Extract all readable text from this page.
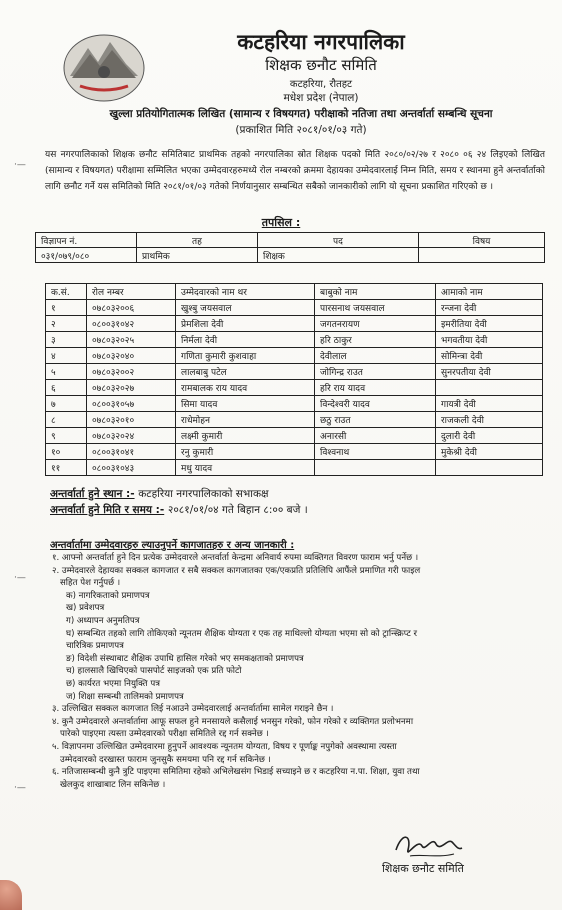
कटहरिया नगरपालिका
शिक्षक छनौट समिति
कटहरिया, रौतहट
मधेश प्रदेश (नेपाल)
खुल्ला प्रतियोगितात्मक लिखित (सामान्य र विषयगत) परीक्षाको नतिजा तथा अन्तर्वार्ता सम्बन्धि सूचना
(प्रकाशित मिति २०८१/०१/०३ गते)
·—
·—
·—
यस नगरपालिकाको शिक्षक छनौट समितिबाट प्राथमिक तहको नगरपालिका स्रोत शिक्षक पदको मिति २०८०/०२/२७ र २०८० ०६ २४ लिइएको लिखित (सामान्य र विषयगत) परीक्षामा सम्मिलित भएका उम्मेदवारहरुमध्ये रोल नम्बरको क्रममा देहायका उम्मेदवारलाई निम्न मिति, समय र स्थानमा हुने अन्तर्वार्ताको लागि छनौट गर्ने यस समितिको मिति २०८१/०१/०३ गतेको निर्णयानुसार सम्बन्धित सबैको जानकारीको लागि यो सूचना प्रकाशित गरिएको छ ।
तपसिल :
विज्ञापन नं.	तह	पद	विषय
०३१/०७९/०८०	प्राथमिक	शिक्षक	
क.सं.	रोल नम्बर	उम्मेदवारको नाम थर	बाबुको नाम	आमाको नाम
१	०७८०३२००६	खुश्बु जयसवाल	पारसनाथ जयसवाल	रन्जना देवी
२	०८००३१०४२	प्रेमशिला देवी	जगतनरायण	इमरीतिया देवी
३	०७८०३२०२५	निर्मला देवी	हरि ठाकुर	भगवतीया देवी
४	०७८०३२०४०	गणिता कुमारी कुशवाहा	देवीलाल	सोमिन्त्रा देवी
५	०७८०३२००२	लालबाबु पटेल	जोगिन्द्र राउत	सुनरपतीया देवी
६	०७८०३२०२७	रामबालक राय यादव	हरि राय यादव	
७	०८००३१०५७	सिमा यादव	विन्देश्वरी यादव	गायत्री देवी
८	०७८०३२०१०	राधेमोहन	छठु राउत	राजकली देवी
९	०७८०३२०२४	लक्ष्मी कुमारी	अनारसी	दुलारी देवी
१०	०८००३१०४१	रनु कुमारी	विश्वनाथ	मुकेश्री देवी
११	०८००३१०४३	मधु यादव		
अन्तर्वार्ता हुने स्थान :- कटहरिया नगरपालिकाको सभाकक्ष
अन्तर्वार्ता हुने मिति र समय :- २०८१/०१/०४ गते बिहान ८:०० बजे ।
अन्तर्वार्तामा उम्मेदवारहरु ल्याउनुपर्ने कागजातहरु र अन्य जानकारी :
१. आफ्नो अन्तर्वार्ता हुने दिन प्रत्येक उम्मेदवारले अन्तर्वार्ता केन्द्रमा अनिवार्य रुपमा व्यक्तिगत विवरण फाराम भर्नु पर्नेछ ।
२. उम्मेदवारले देहायका सक्कल कागजात र सबै सक्कल कागजातका एक/एकप्रति प्रतिलिपि आफैंले प्रमाणित गरी फाइल
सहित पेश गर्नुपर्छ ।
क) नागरिकताको प्रमाणपत्र
ख) प्रवेशपत्र
ग) अध्यापन अनुमतिपत्र
घ) सम्बन्धित तहको लागि तोकिएको न्यूनतम शैक्षिक योग्यता र एक तह माथिल्लो योग्यता भएमा सो को ट्रान्स्क्रिप्ट र
चारित्रिक प्रमाणपत्र
ङ) विदेशी संस्थाबाट शैक्षिक उपाधि हासिल गरेको भए समकक्षताको प्रमाणपत्र
च) हालसालै खिचिएको पासपोर्ट साइजको एक प्रति फोटो
छ) कार्यरत भएमा नियुक्ति पत्र
ज) शिक्षा सम्बन्धी तालिमको प्रमाणपत्र
३. उल्लिखित सक्कल कागजात लिई नआउने उम्मेदवारलाई अन्तर्वार्तामा सामेल गराइने छैन ।
४. कुनै उम्मेदवारले अन्तर्वार्तामा आफू सफल हुने मनसायले कसैलाई भनसुन गरेको, फोन गरेको र व्यक्तिगत प्रलोभनमा
पारेको पाइएमा त्यस्ता उम्मेदवारको परीक्षा समितिले रद्द गर्न सक्नेछ ।
५. विज्ञापनमा उल्लिखित उम्मेदवारमा हुनुपर्ने आवश्यक न्यूनतम योग्यता, विषय र पूर्णाङ्क नपुगेको अवस्थामा त्यस्ता
उम्मेदवारको दरखास्त फाराम जुनसुकै समयमा पनि रद्द गर्न सकिनेछ ।
६. नतिजासम्बन्धी कुनै त्रुटि पाइएमा समितिमा रहेको अभिलेखसंग भिडाई सच्याइने छ र कटहरिया न.पा. शिक्षा, युवा तथा
खेलकुद शाखाबाट लिन सकिनेछ ।
शिक्षक छनौट समिति
